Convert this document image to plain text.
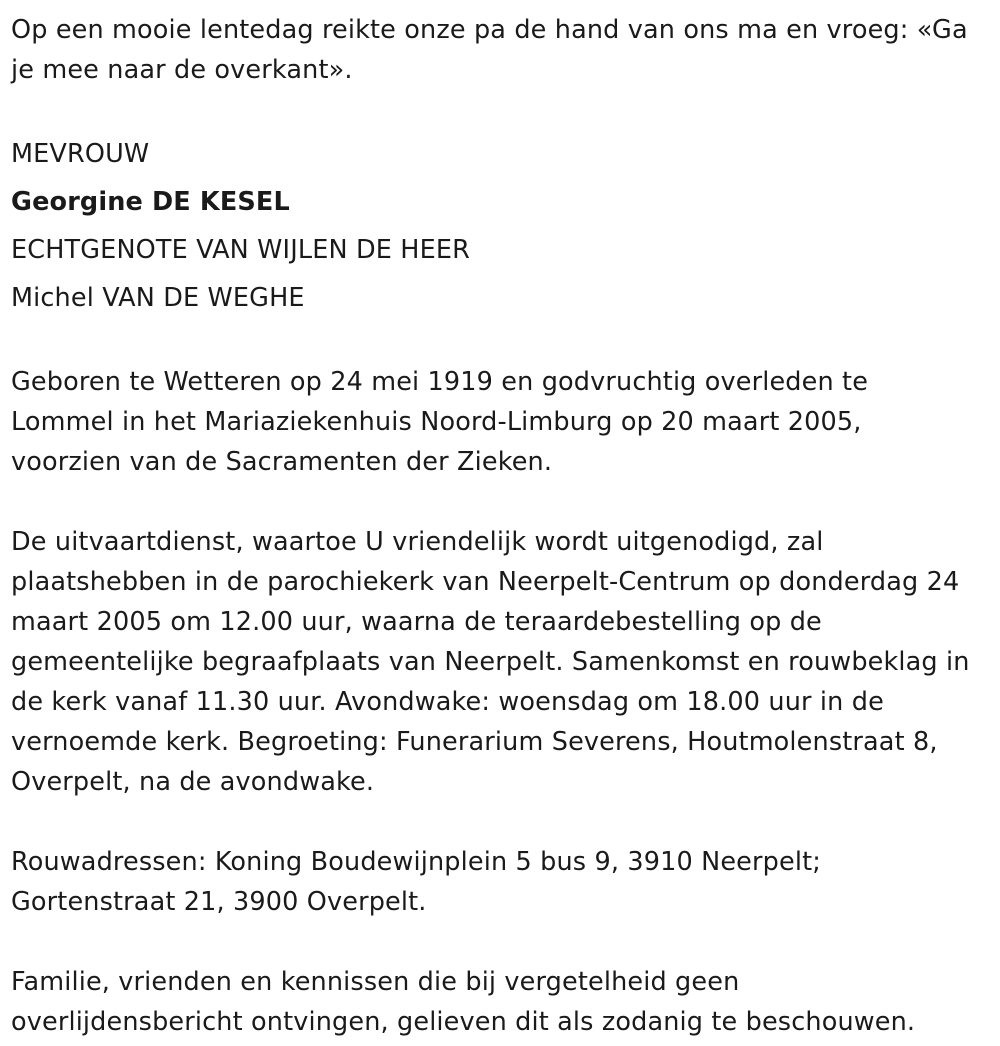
Op een mooie lentedag reikte onze pa de hand van ons ma en vroeg: «Ga je mee naar de overkant».

MEVROUW
Georgine DE KESEL
ECHTGENOTE VAN WIJLEN DE HEER
Michel VAN DE WEGHE

Geboren te Wetteren op 24 mei 1919 en godvruchtig overleden te Lommel in het Mariaziekenhuis Noord-Limburg op 20 maart 2005, voorzien van de Sacramenten der Zieken.

De uitvaartdienst, waartoe U vriendelijk wordt uitgenodigd, zal plaatshebben in de parochiekerk van Neerpelt-Centrum op donderdag 24 maart 2005 om 12.00 uur, waarna de teraardebestelling op de gemeentelijke begraafplaats van Neerpelt. Samenkomst en rouwbeklag in de kerk vanaf 11.30 uur. Avondwake: woensdag om 18.00 uur in de vernoemde kerk. Begroeting: Funerarium Severens, Houtmolenstraat 8, Overpelt, na de avondwake.

Rouwadressen: Koning Boudewijnplein 5 bus 9, 3910 Neerpelt; Gortenstraat 21, 3900 Overpelt.

Familie, vrienden en kennissen die bij vergetelheid geen overlijdensbericht ontvingen, gelieven dit als zodanig te beschouwen.
